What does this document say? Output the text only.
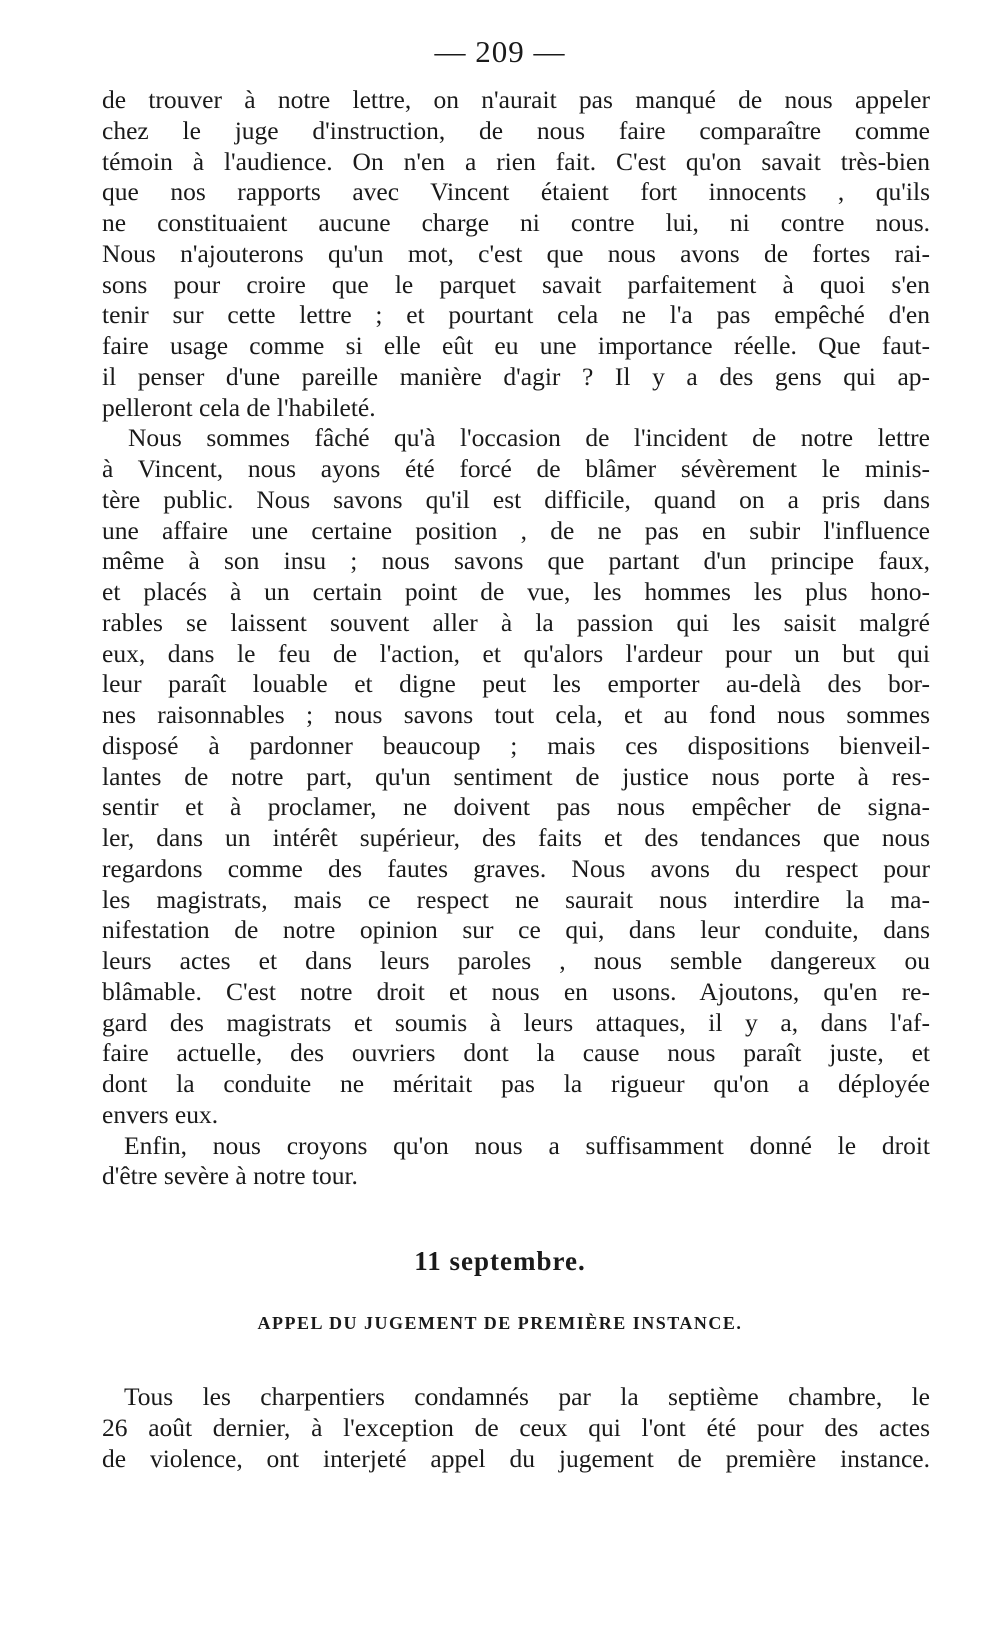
— 209 —
de trouver à notre lettre, on n'aurait pas manqué de nous appeler
chez le juge d'instruction, de nous faire comparaître comme
témoin à l'audience. On n'en a rien fait. C'est qu'on savait très-bien
que nos rapports avec Vincent étaient fort innocents , qu'ils
ne constituaient aucune charge ni contre lui, ni contre nous.
Nous n'ajouterons qu'un mot, c'est que nous avons de fortes rai-
sons pour croire que le parquet savait parfaitement à quoi s'en
tenir sur cette lettre ; et pourtant cela ne l'a pas empêché d'en
faire usage comme si elle eût eu une importance réelle. Que faut-
il penser d'une pareille manière d'agir ? Il y a des gens qui ap-
pelleront cela de l'habileté.
Nous sommes fâché qu'à l'occasion de l'incident de notre lettre
à Vincent, nous ayons été forcé de blâmer sévèrement le minis-
tère public. Nous savons qu'il est difficile, quand on a pris dans
une affaire une certaine position , de ne pas en subir l'influence
même à son insu ; nous savons que partant d'un principe faux,
et placés à un certain point de vue, les hommes les plus hono-
rables se laissent souvent aller à la passion qui les saisit malgré
eux, dans le feu de l'action, et qu'alors l'ardeur pour un but qui
leur paraît louable et digne peut les emporter au-delà des bor-
nes raisonnables ; nous savons tout cela, et au fond nous sommes
disposé à pardonner beaucoup ; mais ces dispositions bienveil-
lantes de notre part, qu'un sentiment de justice nous porte à res-
sentir et à proclamer, ne doivent pas nous empêcher de signa-
ler, dans un intérêt supérieur, des faits et des tendances que nous
regardons comme des fautes graves. Nous avons du respect pour
les magistrats, mais ce respect ne saurait nous interdire la ma-
nifestation de notre opinion sur ce qui, dans leur conduite, dans
leurs actes et dans leurs paroles , nous semble dangereux ou
blâmable. C'est notre droit et nous en usons. Ajoutons, qu'en re-
gard des magistrats et soumis à leurs attaques, il y a, dans l'af-
faire actuelle, des ouvriers dont la cause nous paraît juste, et
dont la conduite ne méritait pas la rigueur qu'on a déployée
envers eux.
Enfin, nous croyons qu'on nous a suffisamment donné le droit
d'être sevère à notre tour.
11 septembre.
APPEL DU JUGEMENT DE PREMIÈRE INSTANCE.
Tous les charpentiers condamnés par la septième chambre, le
26 août dernier, à l'exception de ceux qui l'ont été pour des actes
de violence, ont interjeté appel du jugement de première instance.
